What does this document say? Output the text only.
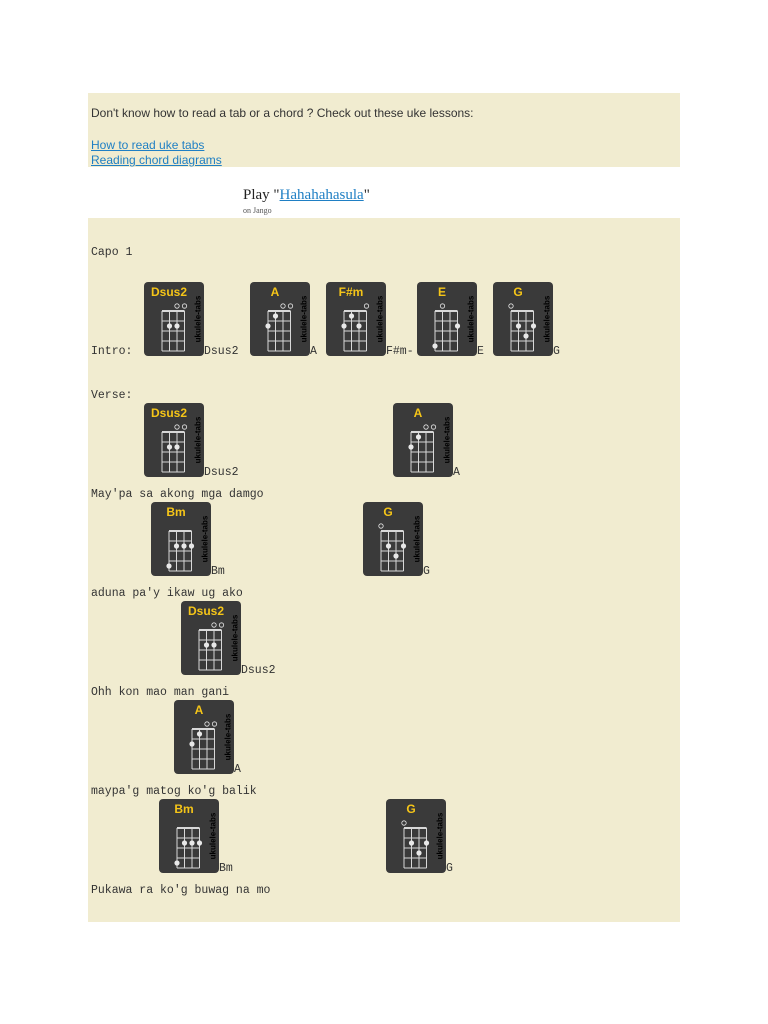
Don't know how to read a tab or a chord ? Check out these uke lessons:
How to read uke tabs
Reading chord diagrams
Play "Hahahahasula"
on Jango
Capo 1
Intro:
Dsus2
ukulele-tabs
Dsus2
A
ukulele-tabs
A
F#m
ukulele-tabs
F#m-
E
ukulele-tabs
E
G
ukulele-tabs
G
Verse:
Dsus2
ukulele-tabs
Dsus2
A
ukulele-tabs
A
May'pa sa akong mga damgo
Bm
ukulele-tabs
Bm
G
ukulele-tabs
G
aduna pa'y ikaw ug ako
Dsus2
ukulele-tabs
Dsus2
Ohh kon mao man gani
A
ukulele-tabs
A
maypa'g matog ko'g balik
Bm
ukulele-tabs
Bm
G
ukulele-tabs
G
Pukawa ra ko'g buwag na mo
